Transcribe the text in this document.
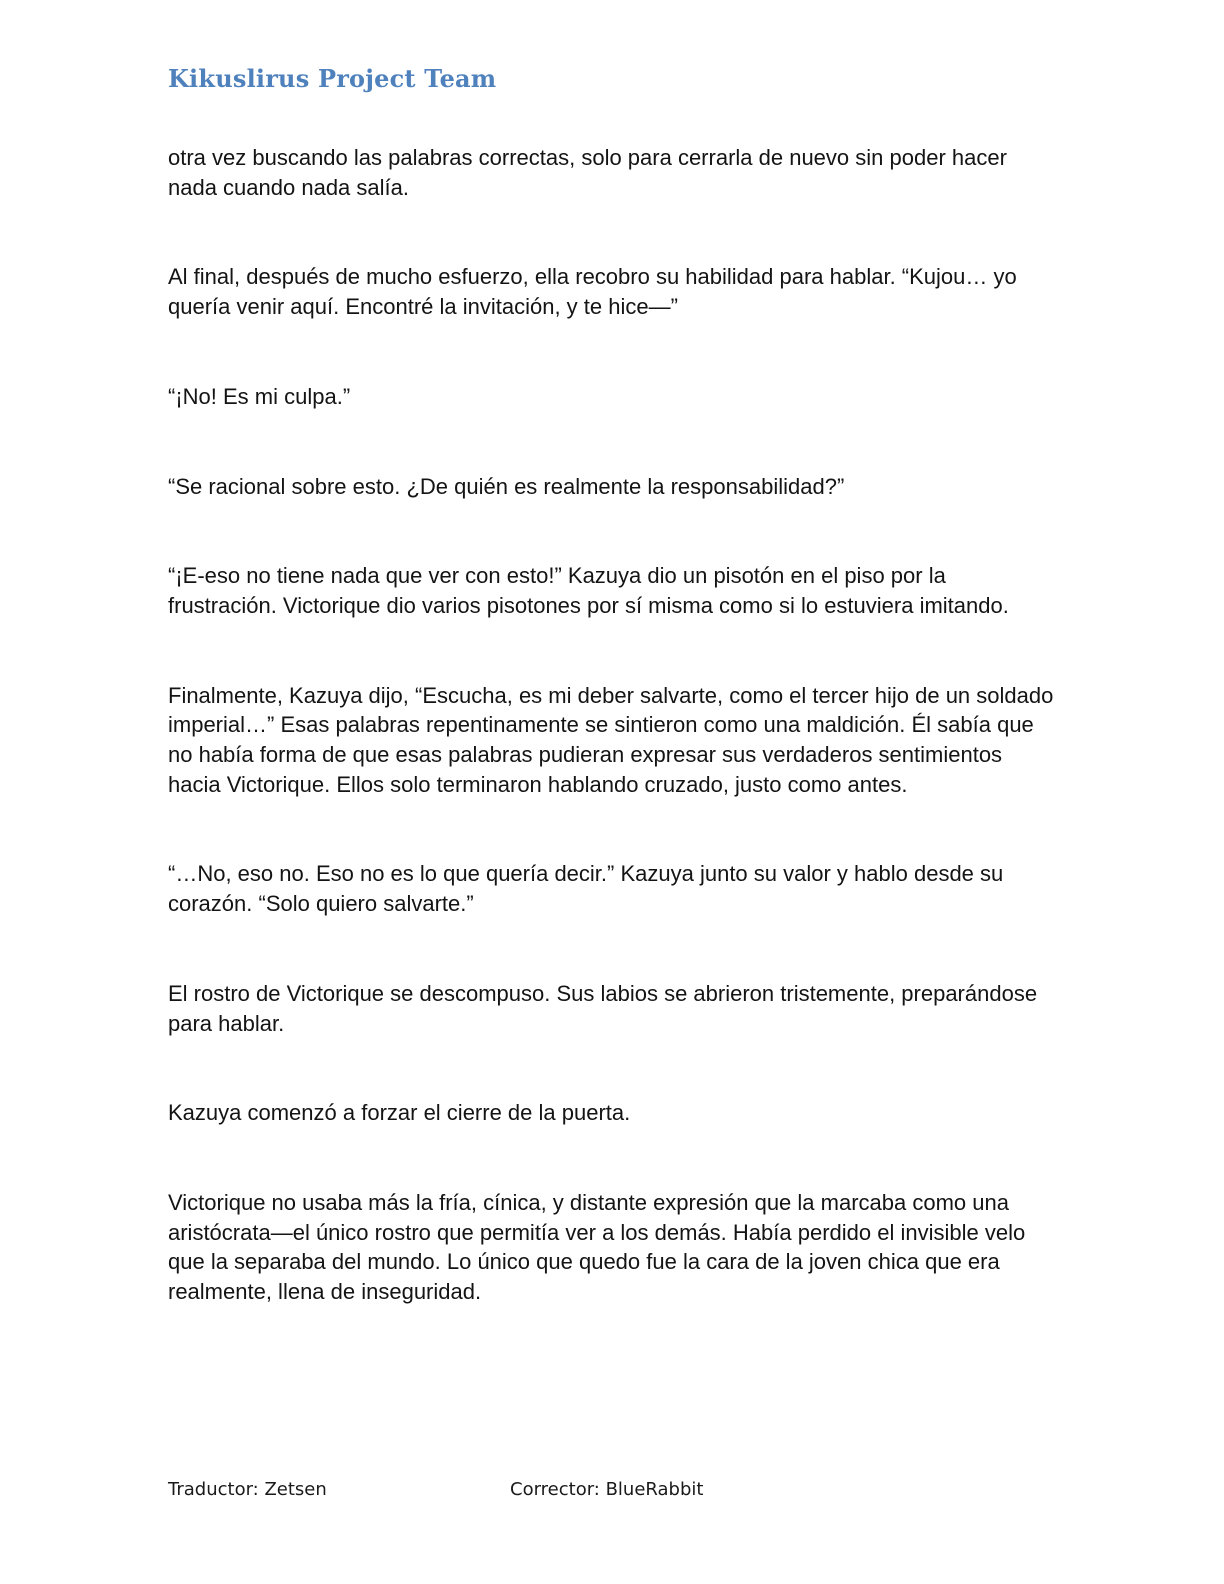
Kikuslirus Project Team

otra vez buscando las palabras correctas, solo para cerrarla de nuevo sin poder hacer nada cuando nada salía.

Al final, después de mucho esfuerzo, ella recobro su habilidad para hablar. “Kujou… yo quería venir aquí. Encontré la invitación, y te hice—”

“¡No! Es mi culpa.”

“Se racional sobre esto. ¿De quién es realmente la responsabilidad?”

“¡E-eso no tiene nada que ver con esto!” Kazuya dio un pisotón en el piso por la frustración. Victorique dio varios pisotones por sí misma como si lo estuviera imitando.

Finalmente, Kazuya dijo, “Escucha, es mi deber salvarte, como el tercer hijo de un soldado imperial…” Esas palabras repentinamente se sintieron como una maldición. Él sabía que no había forma de que esas palabras pudieran expresar sus verdaderos sentimientos hacia Victorique. Ellos solo terminaron hablando cruzado, justo como antes.

“…No, eso no. Eso no es lo que quería decir.” Kazuya junto su valor y hablo desde su corazón. “Solo quiero salvarte.”

El rostro de Victorique se descompuso. Sus labios se abrieron tristemente, preparándose para hablar.

Kazuya comenzó a forzar el cierre de la puerta.

Victorique no usaba más la fría, cínica, y distante expresión que la marcaba como una aristócrata—el único rostro que permitía ver a los demás. Había perdido el invisible velo que la separaba del mundo. Lo único que quedo fue la cara de la joven chica que era realmente, llena de inseguridad.

Traductor: Zetsen	Corrector: BlueRabbit
